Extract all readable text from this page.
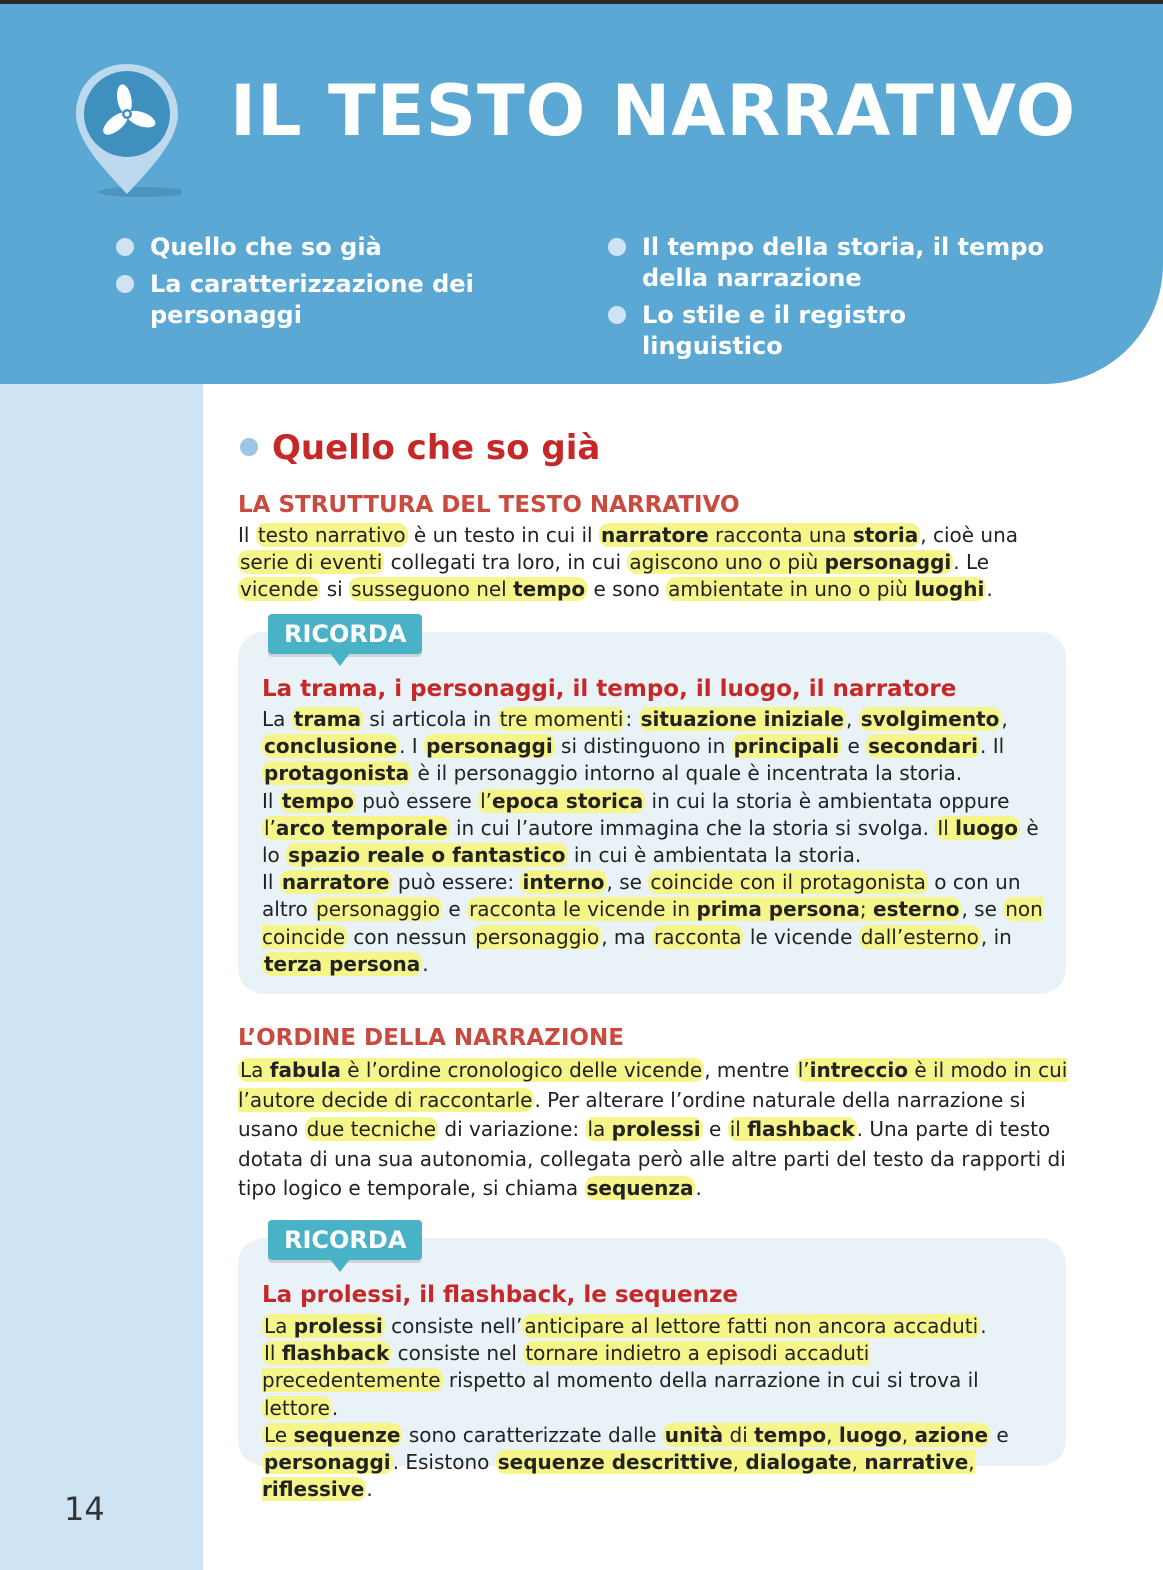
IL TESTO NARRATIVO
Quello che so già
La caratterizzazione dei personaggi
Il tempo della storia, il tempo della narrazione
Lo stile e il registro linguistico
Quello che so già
LA STRUTTURA DEL TESTO NARRATIVO

Il testo narrativo è un testo in cui il narratore racconta una storia , cioè una serie di eventi collegati tra loro, in cui agiscono uno o più personaggi . Le vicende si susseguono nel tempo e sono ambientate in uno o più luoghi .

RICORDA
La trama, i personaggi, il tempo, il luogo, il narratore

La trama si articola in tre momenti : situazione iniziale , svolgimento , conclusione . I personaggi si distinguono in principali e secondari . Il protagonista è il personaggio intorno al quale è incentrata la storia.

Il tempo può essere l’epoca storica in cui la storia è ambientata oppure l’arco temporale in cui l’autore immagina che la storia si svolga. Il luogo è lo spazio reale o fantastico in cui è ambientata la storia.

Il narratore può essere: interno , se coincide con il protagonista o con un altro personaggio e racconta le vicende in prima persona; esterno , se non coincide con nessun personaggio , ma racconta le vicende dall’esterno , in terza persona .

L’ORDINE DELLA NARRAZIONE

La fabula è l’ordine cronologico delle vicende , mentre l’intreccio è il modo in cui l’autore decide di raccontarle . Per alterare l’ordine naturale della narrazione si usano due tecniche di variazione: la prolessi e il flashback . Una parte di testo dotata di una sua autonomia, collegata però alle altre parti del testo da rapporti di tipo logico e temporale, si chiama sequenza .

RICORDA
La prolessi, il flashback, le sequenze

La prolessi consiste nell’ anticipare al lettore fatti non ancora accaduti .

Il flashback consiste nel tornare indietro a episodi accaduti precedentemente rispetto al momento della narrazione in cui si trova il lettore .

Le sequenze sono caratterizzate dalle unità di tempo, luogo, azione e personaggi . Esistono sequenze descrittive, dialogate, narrative, riflessive .

14
